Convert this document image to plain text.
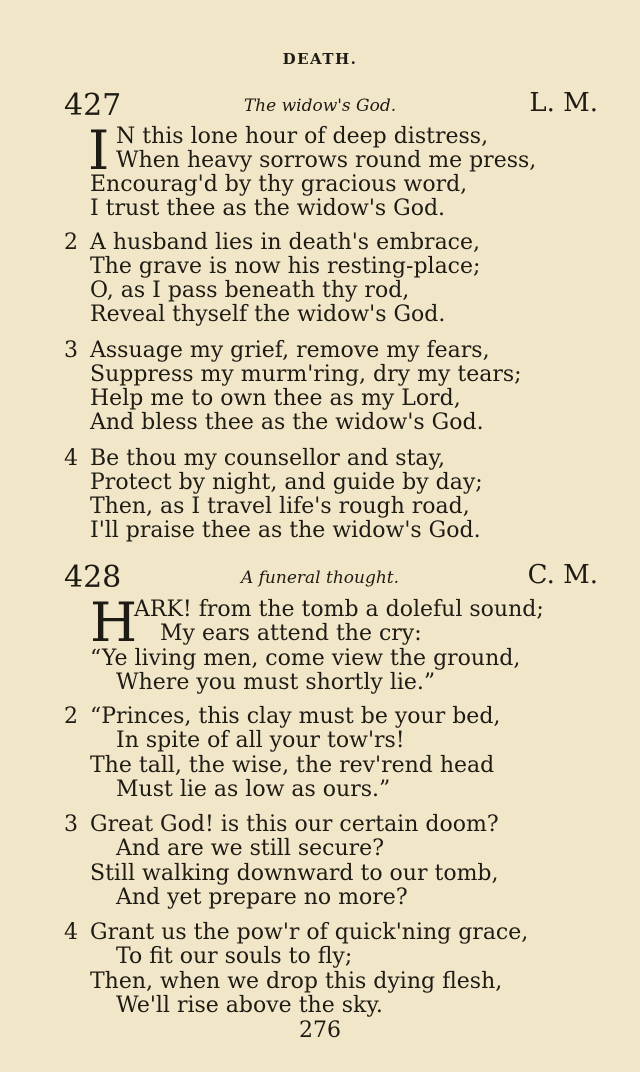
DEATH.
427	The widow's God.	L. M.
I N this lone hour of deep distress,
When heavy sorrows round me press,
Encourag'd by thy gracious word,
I trust thee as the widow's God.
2 A husband lies in death's embrace,
The grave is now his resting-place;
O, as I pass beneath thy rod,
Reveal thyself the widow's God.
3 Assuage my grief, remove my fears,
Suppress my murm'ring, dry my tears;
Help me to own thee as my Lord,
And bless thee as the widow's God.
4 Be thou my counsellor and stay,
Protect by night, and guide by day;
Then, as I travel life's rough road,
I'll praise thee as the widow's God.
428	A funeral thought.	C. M.
H
ARK! from the tomb a doleful sound;
My ears attend the cry:
“Ye living men, come view the ground,
Where you must shortly lie.”
2 “Princes, this clay must be your bed,
In spite of all your tow'rs!
The tall, the wise, the rev'rend head
Must lie as low as ours.”
3 Great God! is this our certain doom?
And are we still secure?
Still walking downward to our tomb,
And yet prepare no more?
4 Grant us the pow'r of quick'ning grace,
To fit our souls to fly;
Then, when we drop this dying flesh,
We'll rise above the sky.
276
